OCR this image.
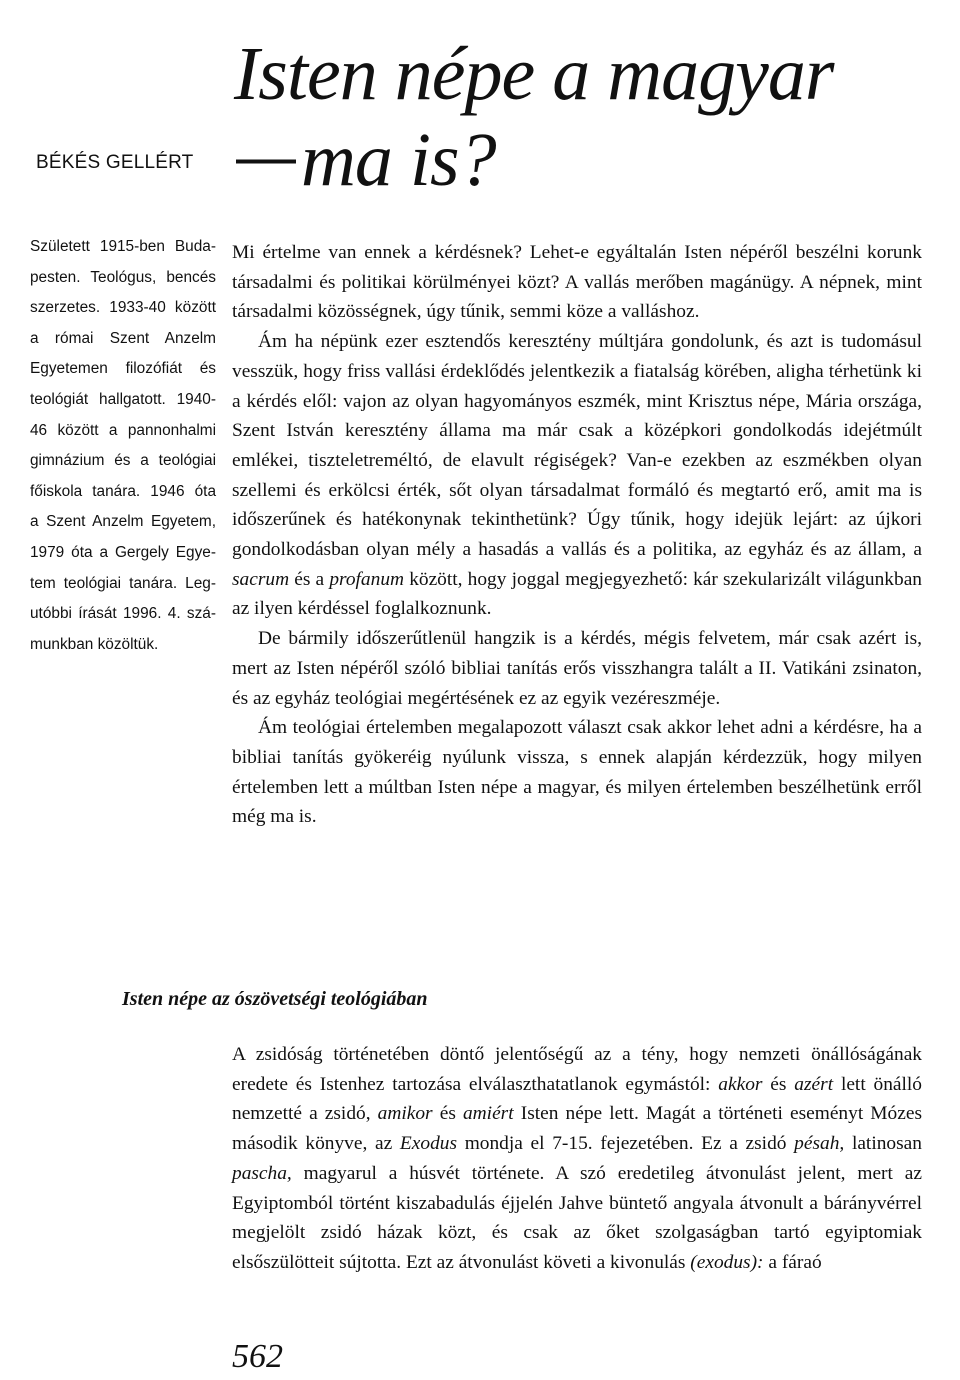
BÉKÉS GELLÉRT
Isten népe a magyar
—ma is?
Született 1915-ben Buda-
pesten. Teológus, bencés
szerzetes. 1933-40 között
a római Szent Anzelm
Egyetemen filozófiát és
teológiát hallgatott. 1940-
46 között a pannonhalmi
gimnázium és a teológiai
főiskola tanára. 1946 óta
a Szent Anzelm Egyetem,
1979 óta a Gergely Egye-
tem teológiai tanára. Leg-
utóbbi írását 1996. 4. szá-
munkban közöltük.

Mi értelme van ennek a kérdésnek? Lehet-e egyáltalán Isten népéről beszélni korunk társadalmi és politikai körülményei közt? A vallás merőben magánügy. A népnek, mint társadalmi közösségnek, úgy tűnik, semmi köze a valláshoz.

Ám ha népünk ezer esztendős keresztény múltjára gondolunk, és azt is tudomásul vesszük, hogy friss vallási érdeklődés jelentkezik a fiatalság körében, aligha térhetünk ki a kérdés elől: vajon az olyan hagyományos eszmék, mint Krisztus népe, Mária országa, Szent István keresztény állama ma már csak a középkori gondolkodás idejétmúlt emlékei, tiszteletreméltó, de elavult régiségek? Van-e ezekben az eszmékben olyan szellemi és erkölcsi érték, sőt olyan társadalmat formáló és megtartó erő, amit ma is időszerűnek és hatékonynak tekinthetünk? Úgy tűnik, hogy idejük lejárt: az újkori gondolkodásban olyan mély a hasadás a vallás és a politika, az egyház és az állam, a sacrum és a profanum között, hogy joggal megjegyezhető: kár szekularizált világunkban az ilyen kérdéssel foglalkoznunk.

De bármily időszerűtlenül hangzik is a kérdés, mégis felvetem, már csak azért is, mert az Isten népéről szóló bibliai tanítás erős visszhangra talált a II. Vatikáni zsinaton, és az egyház teológiai megértésének ez az egyik vezéreszméje.

Ám teológiai értelemben megalapozott választ csak akkor lehet adni a kérdésre, ha a bibliai tanítás gyökeréig nyúlunk vissza, s ennek alapján kérdezzük, hogy milyen értelemben lett a múltban Isten népe a magyar, és milyen értelemben beszélhetünk erről még ma is.

Isten népe az ószövetségi teológiában

A zsidóság történetében döntő jelentőségű az a tény, hogy nemzeti önállóságának eredete és Istenhez tartozása elválaszthatatlanok egymástól: akkor és azért lett önálló nemzetté a zsidó, amikor és amiért Isten népe lett. Magát a történeti eseményt Mózes második könyve, az Exodus mondja el 7-15. fejezetében. Ez a zsidó pésah, latinosan pascha, magyarul a húsvét története. A szó eredetileg átvonulást jelent, mert az Egyiptomból történt kiszabadulás éjjelén Jahve büntető angyala átvonult a bárányvérrel megjelölt zsidó házak közt, és csak az őket szolgaságban tartó egyiptomiak elsőszülötteit sújtotta. Ezt az átvonulást követi a kivonulás (exodus): a fáraó

562
